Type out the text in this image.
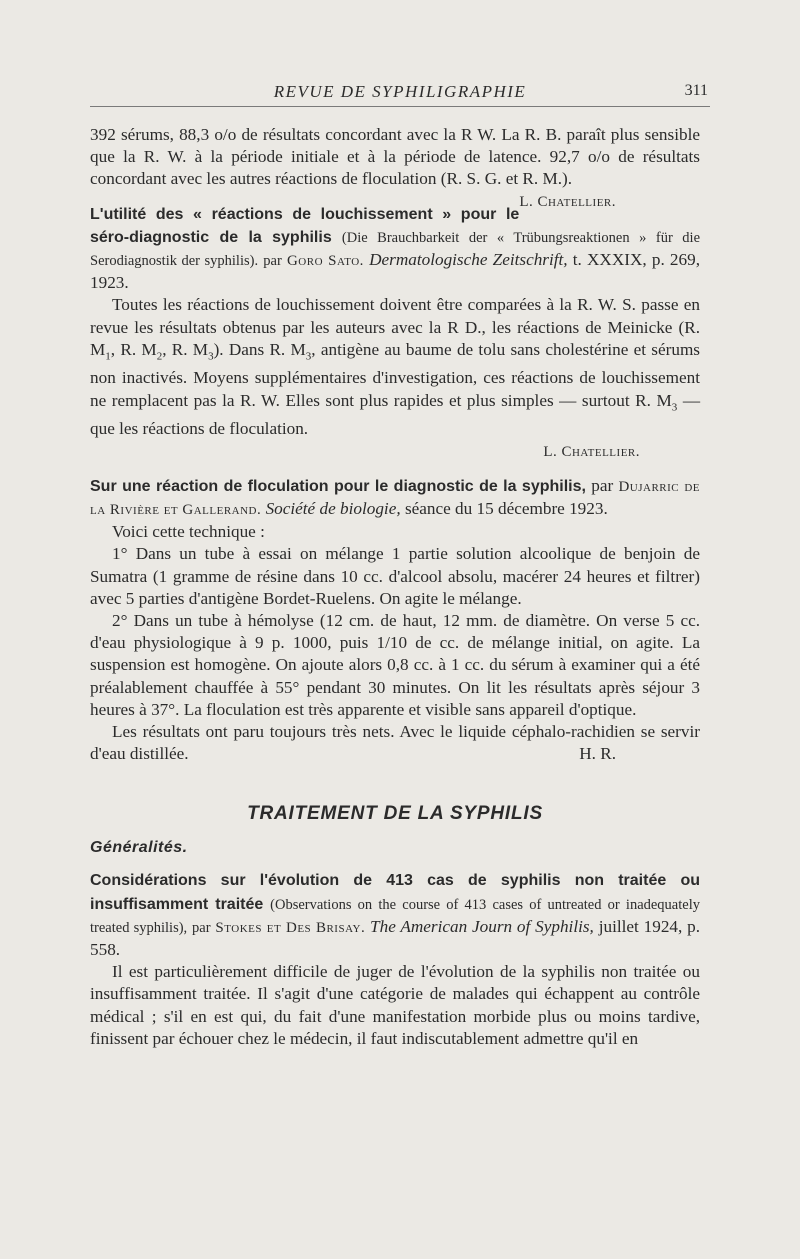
REVUE DE SYPHILIGRAPHIE	311

392 sérums, 88,3 o/o de résultats concordant avec la R W. La R. B. paraît plus sensible que la R. W. à la période initiale et à la période de latence. 92,7 o/o de résultats concordant avec les autres réactions de floculation (R. S. G. et R. M.).
L. Chatellier.

L'utilité des « réactions de louchissement » pour le séro-diagnostic de la syphilis (Die Brauchbarkeit der « Trübungsreaktionen » für die Serodiagnostik der syphilis). par Goro Sato. Dermatologische Zeitschrift, t. XXXIX, p. 269, 1923.

Toutes les réactions de louchissement doivent être comparées à la R. W. S. passe en revue les résultats obtenus par les auteurs avec la R D., les réactions de Meinicke (R. $M_1$, R. $M_2$, R. $M_3$). Dans R. $M_3$, antigène au baume de tolu sans cholestérine et sérums non inactivés. Moyens supplémentaires d'investigation, ces réactions de louchissement ne remplacent pas la R. W. Elles sont plus rapides et plus simples — surtout R. $M_3$ — que les réactions de floculation.

L. Chatellier.

Sur une réaction de floculation pour le diagnostic de la syphilis, par Dujarric de la Rivière et Gallerand. Société de biologie, séance du 15 décembre 1923.

Voici cette technique :

1° Dans un tube à essai on mélange 1 partie solution alcoolique de benjoin de Sumatra (1 gramme de résine dans 10 cc. d'alcool absolu, macérer 24 heures et filtrer) avec 5 parties d'antigène Bordet-Ruelens. On agite le mélange.

2° Dans un tube à hémolyse (12 cm. de haut, 12 mm. de diamètre. On verse 5 cc. d'eau physiologique à 9 p. 1000, puis 1/10 de cc. de mélange initial, on agite. La suspension est homogène. On ajoute alors 0,8 cc. à 1 cc. du sérum à examiner qui a été préalablement chauffée à 55° pendant 30 minutes. On lit les résultats après séjour 3 heures à 37°. La floculation est très apparente et visible sans appareil d'optique.

Les résultats ont paru toujours très nets. Avec le liquide céphalo-rachidien se servir d'eau distillée.	H. R.

TRAITEMENT DE LA SYPHILIS
Généralités.

Considérations sur l'évolution de 413 cas de syphilis non traitée ou insuffisamment traitée (Observations on the course of 413 cases of untreated or inadequately treated syphilis), par Stokes et Des Brisay. The American Journ of Syphilis, juillet 1924, p. 558.

Il est particulièrement difficile de juger de l'évolution de la syphilis non traitée ou insuffisamment traitée. Il s'agit d'une catégorie de malades qui échappent au contrôle médical ; s'il en est qui, du fait d'une manifestation morbide plus ou moins tardive, finissent par échouer chez le médecin, il faut indiscutablement admettre qu'il en
